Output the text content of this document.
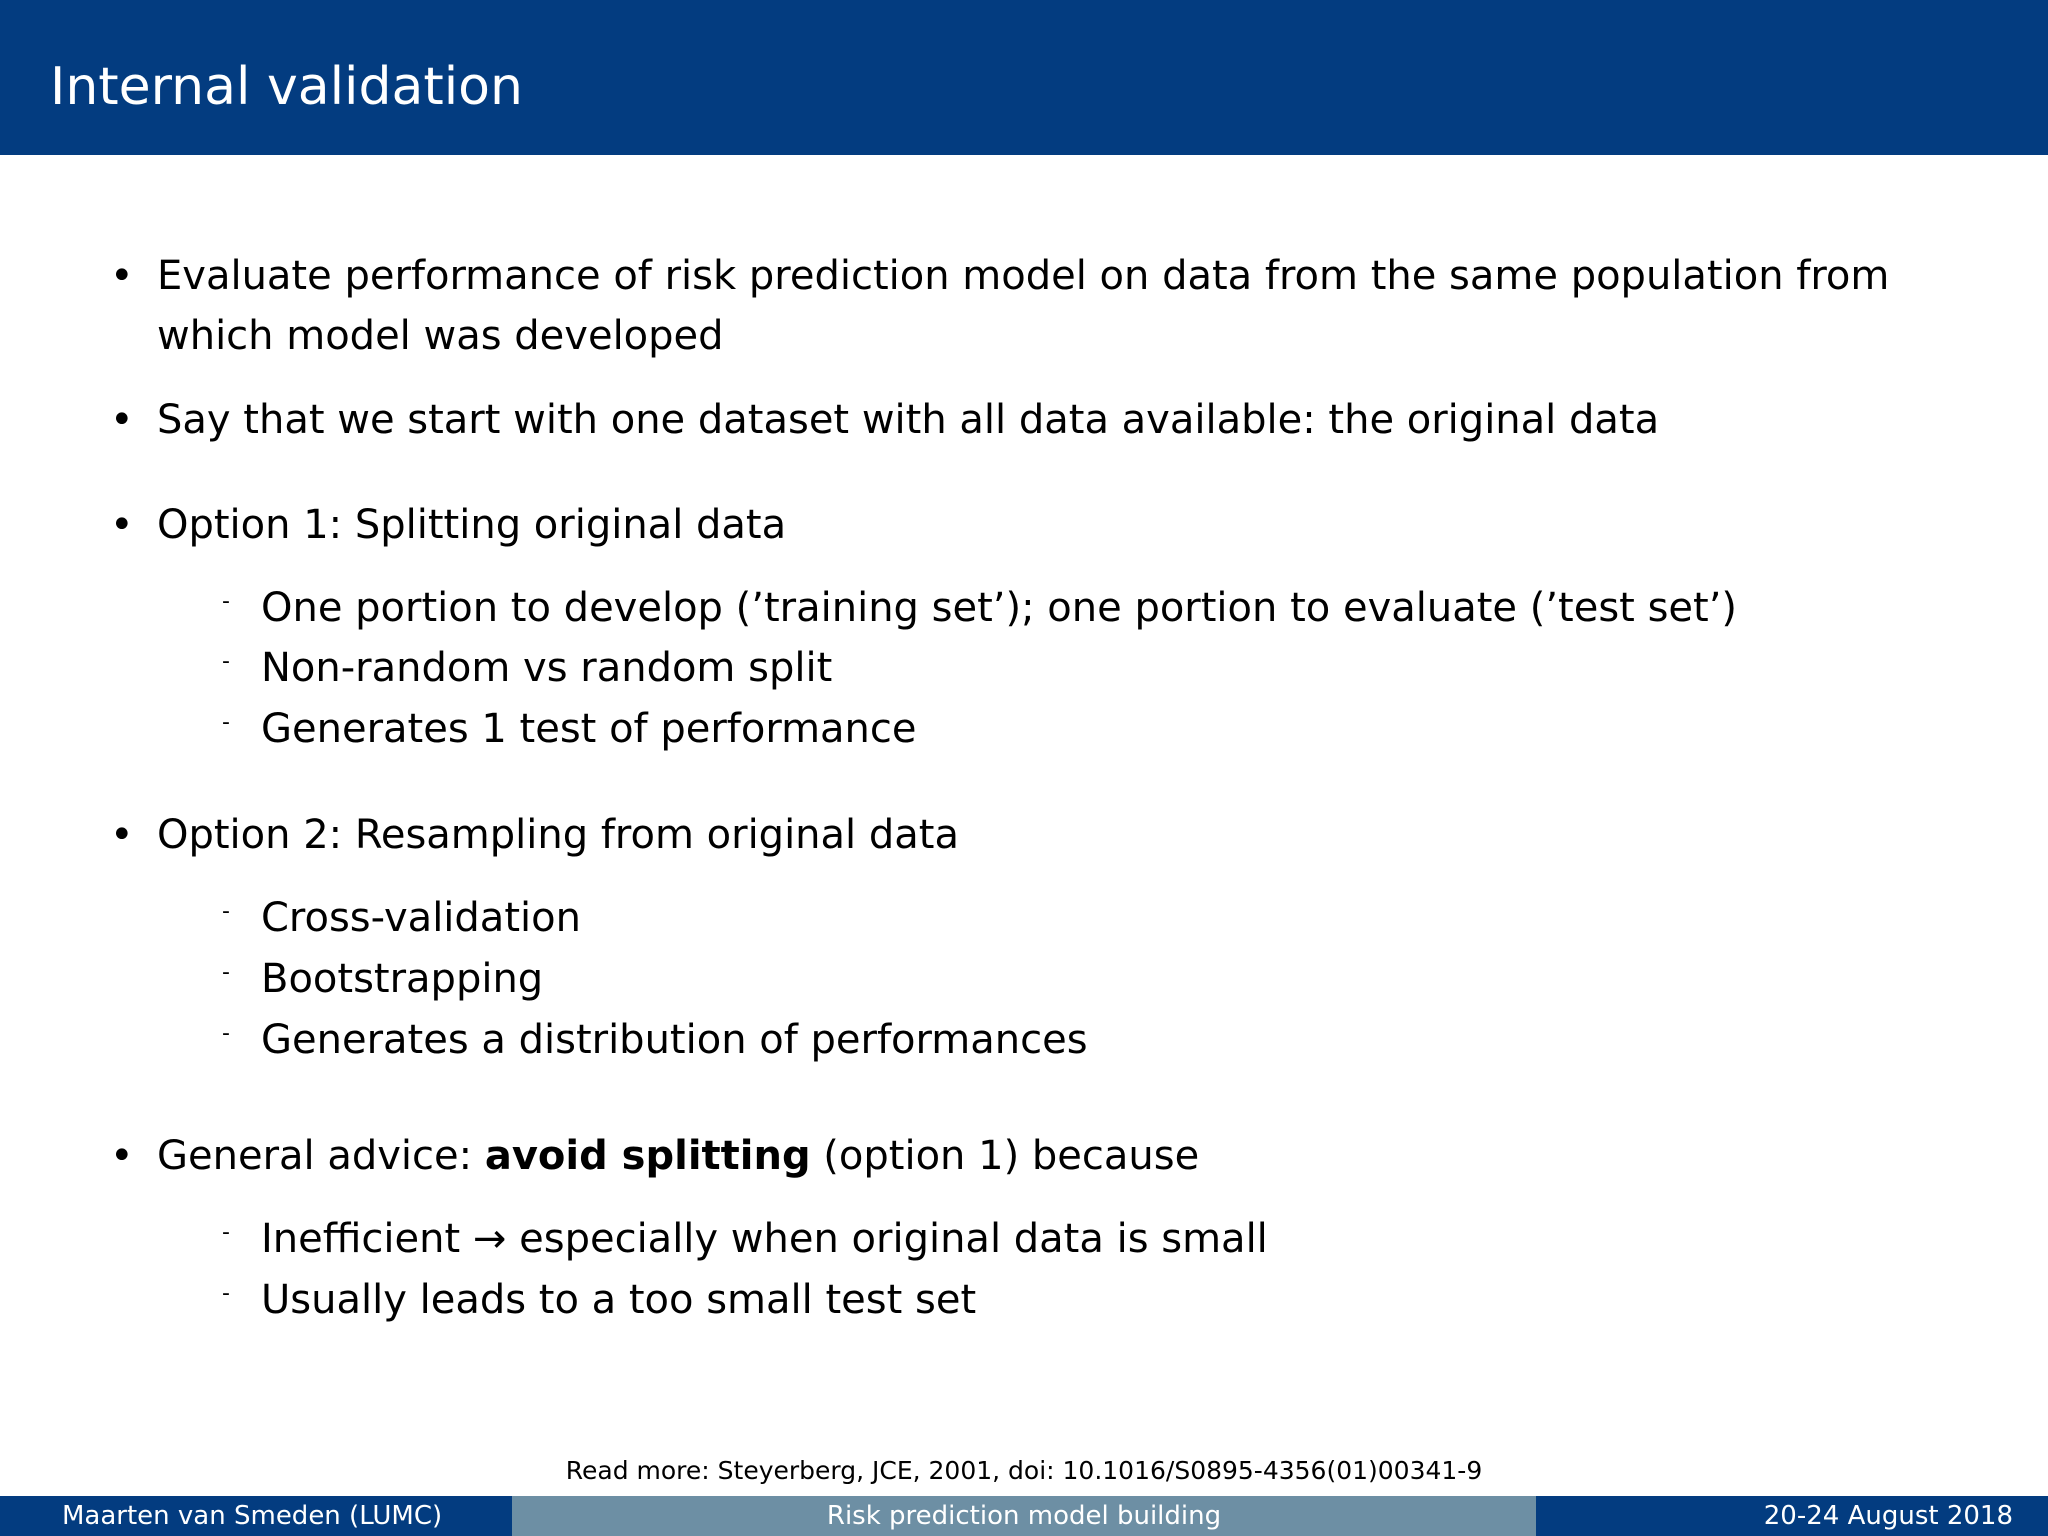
Internal validation
• Evaluate performance of risk prediction model on data from the same population from
which model was developed
• Say that we start with one dataset with all data available: the original data
• Option 1: Splitting original data
- One portion to develop (’training set’); one portion to evaluate (’test set’)
- Non-random vs random split
- Generates 1 test of performance
• Option 2: Resampling from original data
- Cross-validation
- Bootstrapping
- Generates a distribution of performances
• General advice: avoid splitting (option 1) because
- Inefficient → especially when original data is small
- Usually leads to a too small test set
Read more: Steyerberg, JCE, 2001, doi: 10.1016/S0895-4356(01)00341-9
Maarten van Smeden (LUMC)	Risk prediction model building	20-24 August 2018
